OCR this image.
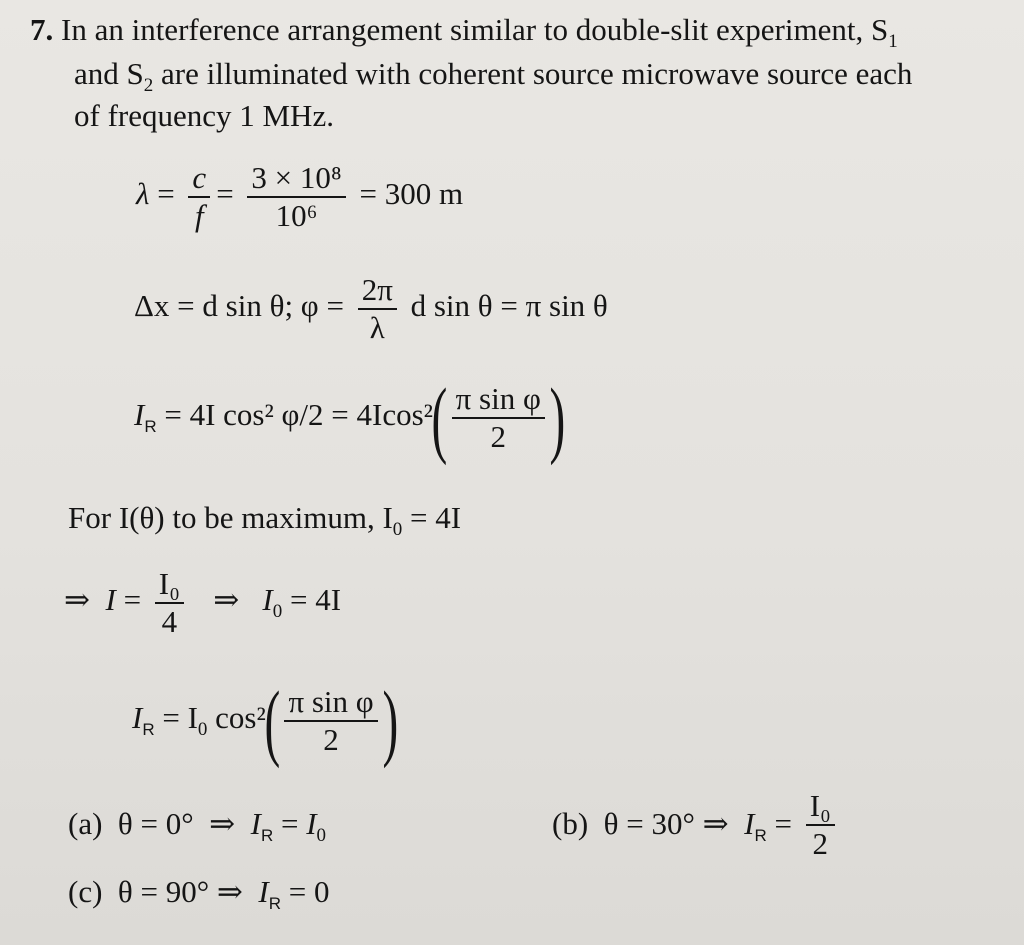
7. In an interference arrangement similar to double-slit experiment, $S_1$
and $S_2$ are illuminated with coherent source microwave source each
of frequency 1 MHz.
$\lambda = \frac{c}{f} = \frac{\text{3 × 10⁸}}{\text{10⁶}} = 300$ m
Δx = d sin θ; $\varphi = \frac{2\pi}{\lambda}$ d sin θ = π sin θ
$I_R = 4I$ cos² $\varphi/2 = 4Icos^2( \frac{\text{π sin φ}}{2}$ )
For I(θ) to be maximum, $I_0 = 4I$
⇒  $I = \frac{\text{I₀}}{4}$ ⇒   $I_0 = 4I$
$I_R = I_0$ $\cos^2( \frac{\text{π sin φ}}{2}$ )
(a) θ = 0°  ⇒  $I_R = I_0$	(b) θ = 30° ⇒  $I_R = \frac{\text{I₀}}{2}$
(c) θ = 90° ⇒  $I_R = 0$
